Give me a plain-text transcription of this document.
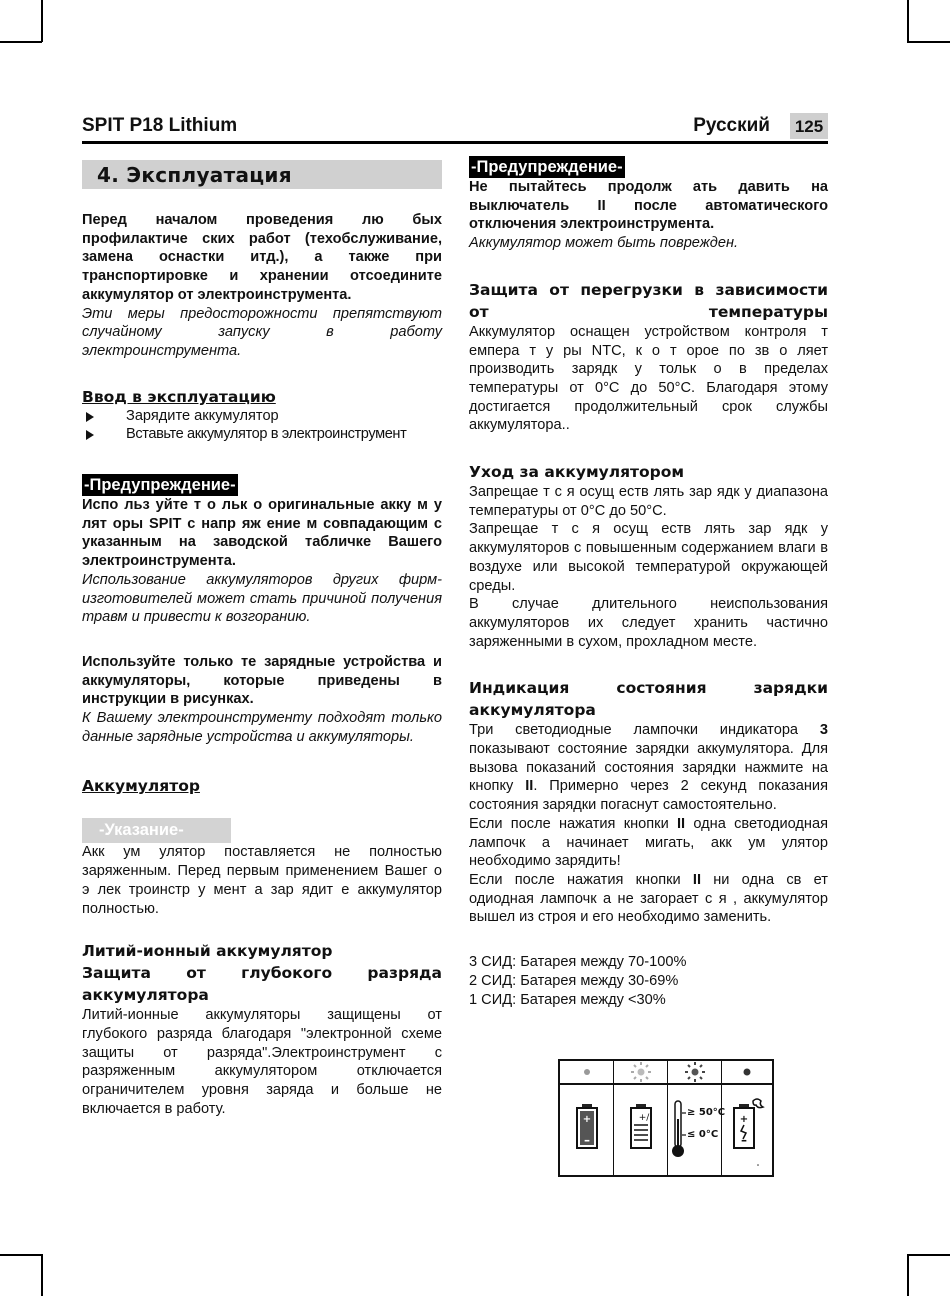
SPIT P18 Lithium	Русский 125
4. Эксплуатация

Перед началом проведения лю бых профилактиче ских работ (техобслуживание, замена оснастки итд.), а также при транспортировке и хранении отсоедините аккумулятор от электроинструмента.

Эти меры предосторожности препятствуют случайному запуску в работу электроинструмента.

Ввод в эксплуатацию
Зарядите аккумулятор
Вставьте аккумулятор в электроинструмент
-Предупреждение-

Испо льз уйте т о льк о оригинальные акку м у лят оры SPIT с напр яж ение м совпадающим с указанным на заводской табличке Вашего электроинструмента.

Использование аккумуляторов других фирм-изготовителей может стать причиной получения травм и привести к возгоранию.

Используйте только те зарядные устройства и аккумуляторы, которые приведены в инструкции в рисунках.

К Вашему электроинструменту подходят только данные зарядные устройства и аккумуляторы.

Аккумулятор
-Указание-

Акк ум улятор поставляется не полностью заряженным. Перед первым применением Вашег о э лек троинстр у мент а зар ядит е аккумулятор полностью.

Литий-ионный аккумулятор
Защита от глубокого разряда аккумулятора

Литий-ионные аккумуляторы защищены от глубокого разряда благодаря "электронной схеме защиты от разряда".Электроинструмент с разряженным аккумулятором отключается ограничителем уровня заряда и больше не включается в работу.

-Предупреждение-

Не пытайтесь продолж ать давить на выключатель II после автоматического отключения электроинструмента.

Аккумулятор может быть поврежден.

Защита от перегрузки в зависимости от температуры

Аккумулятор оснащен устройством контроля т емпера т у ры NTC, к о т орое по зв о ляет производить зарядк у тольк о в пределах температуры от 0°С до 50°С. Благодаря этому достигается продолжительный срок службы аккумулятора..

Уход за аккумулятором

Запрещае т с я осущ еств лять зар ядк у диапазона температуры от 0°С до 50°С.

Запрещае т с я осущ еств лять зар ядк у аккумуляторов с повышенным содержанием влаги в воздухе или высокой температурой окружающей среды.

В случае длительного неиспользования аккумуляторов их следует хранить частично заряженными в сухом, прохладном месте.

Индикация состояния зарядки аккумулятора

Три светодиодные лампочки индикатора 3 показывают состояние зарядки аккумулятора. Для вызова показаний состояния зарядки нажмите на кнопку II. Примерно через 2 секунд показания состояния зарядки погаснут самостоятельно.

Если после нажатия кнопки II одна светодиодная лампочк а начинает мигать, акк ум улятор необходимо зарядить!

Если после нажатия кнопки II ни одна св ет одиодная лампочк а не загорает с я , аккумулятор вышел из строя и его необходимо заменить.

3 СИД: Батарея между 70-100%
2 СИД: Батарея между 30-69%
1 СИД: Батарея между <30%
+
–
+/	≥ 50°C
≤ 0°C
+
–
